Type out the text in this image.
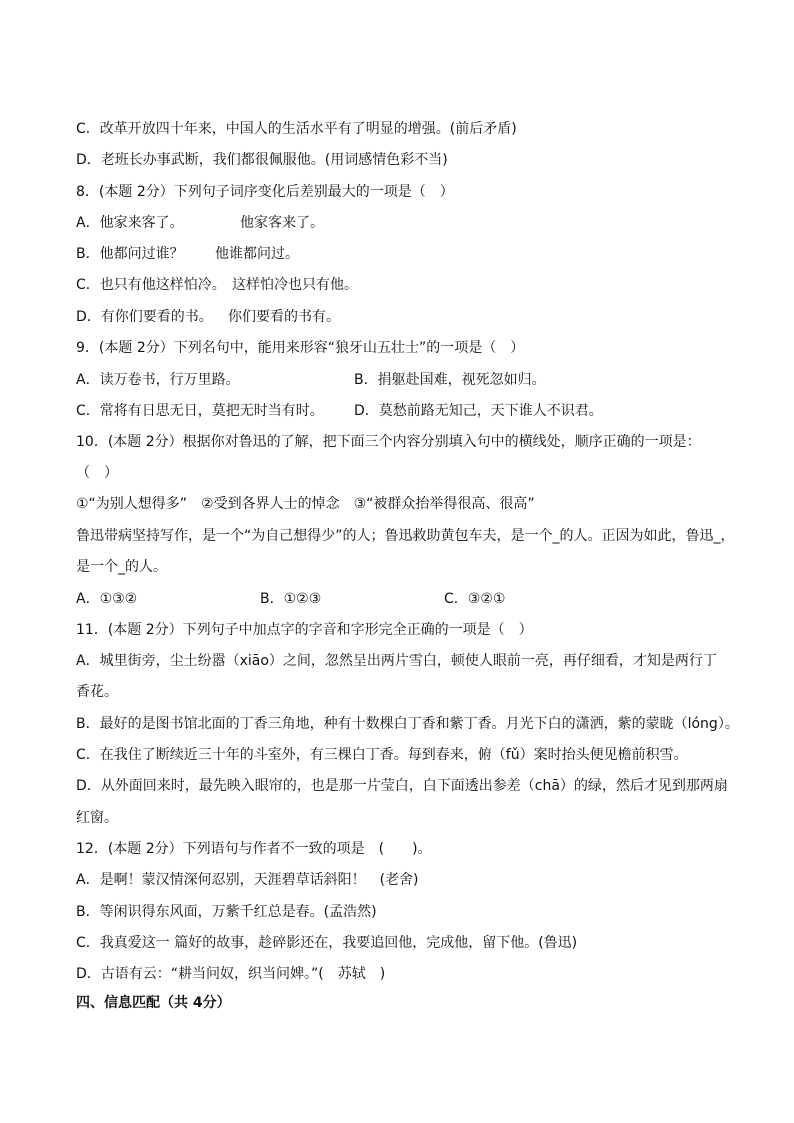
C．改革开放四十年来，中国人的生活水平有了明显的增强。(前后矛盾)
D．老班长办事武断，我们都很佩服他。(用词感情色彩不当)
8．(本题 2分）下列句子词序变化后差别最大的一项是（　）
A．他家来客了。	他家客来了。
B．他都问过谁？ 他谁都问过。
C．也只有他这样怕冷。 这样怕冷也只有他。
D．有你们要看的书。 你们要看的书有。
9．(本题 2分）下列名句中，能用来形容“狼牙山五壮士”的一项是（　）
A．读万卷书，行万里路。	B．捐躯赴国难，视死忽如归。
C．常将有日思无日，莫把无时当有时。 D．莫愁前路无知己，天下谁人不识君。
10．(本题 2分）根据你对鲁迅的了解，把下面三个内容分别填入句中的横线处，顺序正确的一项是：
（　）
①“为别人想得多”　②受到各界人士的悼念　③“被群众抬举得很高、很高”
鲁迅带病坚持写作，是一个“为自己想得少”的人；鲁迅救助黄包车夫，是一个_的人。正因为如此，鲁迅_，
是一个_的人。
A．①③②	B．①②③	C．③②①
11．(本题 2分）下列句子中加点字的字音和字形完全正确的一项是（　）
A．城里街旁，尘土纷嚣（xiāo）之间，忽然呈出两片雪白，顿使人眼前一亮，再仔细看，才知是两行丁
香花。
B．最好的是图书馆北面的丁香三角地，种有十数棵白丁香和紫丁香。月光下白的潇洒，紫的蒙眬（lóng）。
C．在我住了断续近三十年的斗室外，有三棵白丁香。每到春来，俯（fǔ）案时抬头便见檐前积雪。
D．从外面回来时，最先映入眼帘的，也是那一片莹白，白下面透出参差（chā）的绿，然后才见到那两扇
红窗。
12．(本题 2分）下列语句与作者不一致的项是　(　　)。
A．是啊！蒙汉情深何忍别，天涯碧草话斜阳！　(老舍)
B．等闲识得东风面，万紫千红总是春。(孟浩然)
C．我真爱这一 篇好的故事，趁碎影还在，我要追回他，完成他，留下他。(鲁迅)
D．古语有云：“耕当问奴，织当问婢。”(　苏轼　)
四、信息匹配（共 4分）
